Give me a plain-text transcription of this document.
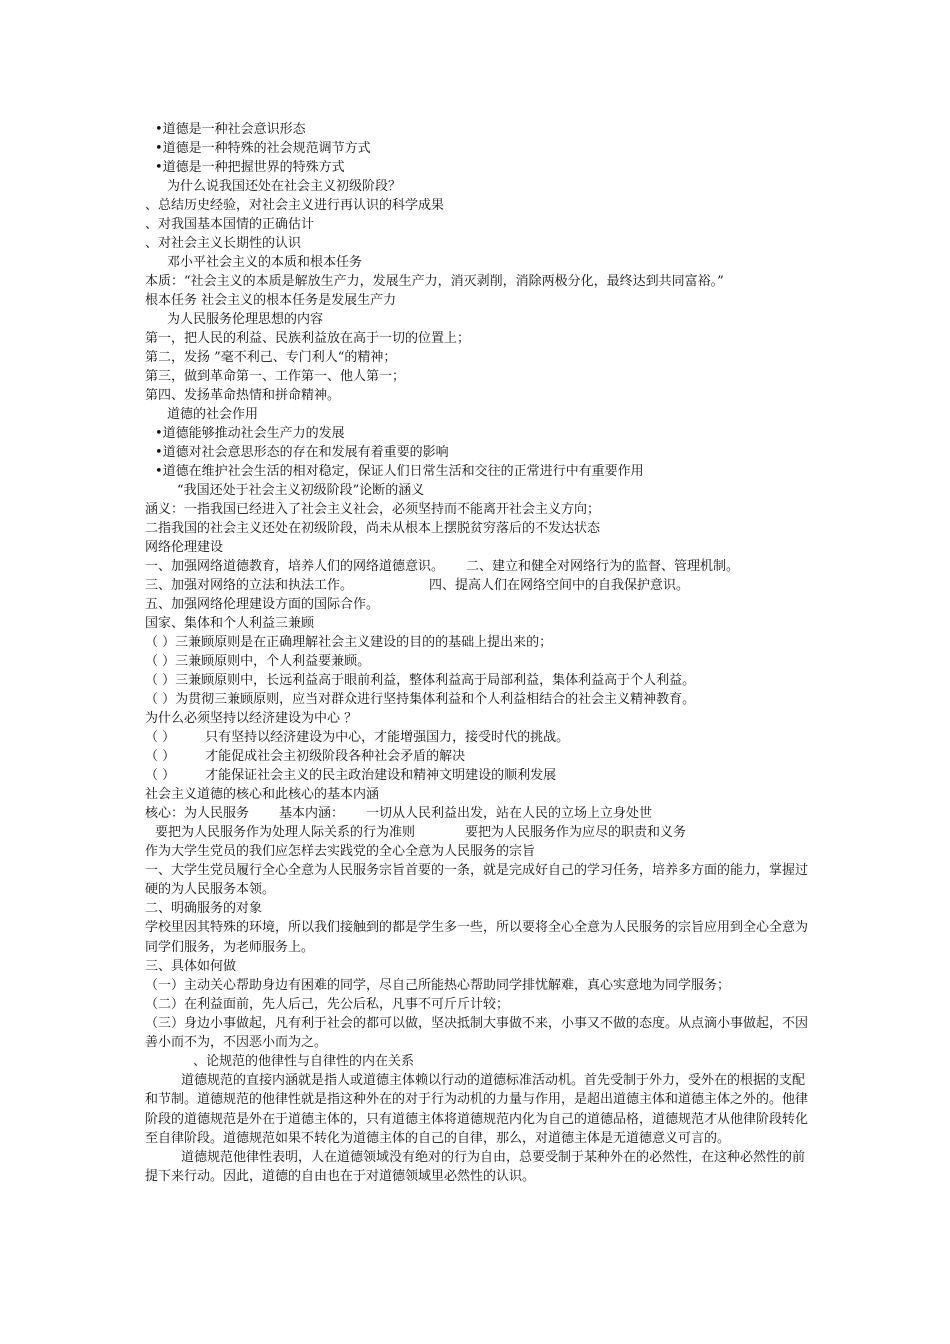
•道德是一种社会意识形态
•道德是一种特殊的社会规范调节方式
•道德是一种把握世界的特殊方式
为什么说我国还处在社会主义初级阶段？
、总结历史经验，对社会主义进行再认识的科学成果
、对我国基本国情的正确估计
、对社会主义长期性的认识
邓小平社会主义的本质和根本任务
本质：“社会主义的本质是解放生产力，发展生产力，消灭剥削，消除两极分化，最终达到共同富裕。”
根本任务 社会主义的根本任务是发展生产力
为人民服务伦理思想的内容
第一，把人民的利益、民族利益放在高于一切的位置上；
第二，发扬 ”毫不利己、专门利人“的精神；
第三，做到革命第一、工作第一、他人第一；
第四、发扬革命热情和拼命精神。
道德的社会作用
•道德能够推动社会生产力的发展
•道德对社会意思形态的存在和发展有着重要的影响
•道德在维护社会生活的相对稳定，保证人们日常生活和交往的正常进行中有重要作用
“我国还处于社会主义初级阶段”论断的涵义
涵义：一指我国已经进入了社会主义社会，必须坚持而不能离开社会主义方向；
二指我国的社会主义还处在初级阶段，尚未从根本上摆脱贫穷落后的不发达状态
网络伦理建设
一、加强网络道德教育，培养人们的网络道德意识。 二、建立和健全对网络行为的监督、管理机制。
三、加强对网络的立法和执法工作。	四、提高人们在网络空间中的自我保护意识。
五、加强网络伦理建设方面的国际合作。
国家、集体和个人利益三兼顾
（ ）三兼顾原则是在正确理解社会主义建设的目的的基础上提出来的；
（ ）三兼顾原则中，个人利益要兼顾。
（ ）三兼顾原则中，长远利益高于眼前利益，整体利益高于局部利益，集体利益高于个人利益。
（ ）为贯彻三兼顾原则，应当对群众进行坚持集体利益和个人利益相结合的社会主义精神教育。
为什么必须坚持以经济建设为中心 ？
（ ） 只有坚持以经济建设为中心，才能增强国力，接受时代的挑战。
（ ） 才能促成社会主初级阶段各种社会矛盾的解决
（ ） 才能保证社会主义的民主政治建设和精神文明建设的顺利发展
社会主义道德的核心和此核心的基本内涵
核心：为人民服务 基本内涵： 一切从人民利益出发，站在人民的立场上立身处世
要把为人民服务作为处理人际关系的行为准则	要把为人民服务作为应尽的职责和义务
作为大学生党员的我们应怎样去实践党的全心全意为人民服务的宗旨
一、大学生党员履行全心全意为人民服务宗旨首要的一条，就是完成好自己的学习任务，培养多方面的能力，掌握过硬的为人民服务本领。
二、明确服务的对象
学校里因其特殊的环境，所以我们接触到的都是学生多一些，所以要将全心全意为人民服务的宗旨应用到全心全意为同学们服务，为老师服务上。
三、具体如何做
（一）主动关心帮助身边有困难的同学，尽自己所能热心帮助同学排忧解难，真心实意地为同学服务；
（二）在利益面前，先人后己，先公后私，凡事不可斤斤计较；
（三）身边小事做起，凡有利于社会的都可以做，坚决抵制大事做不来，小事又不做的态度。从点滴小事做起，不因善小而不为，不因恶小而为之。
、论规范的他律性与自律性的内在关系
道德规范的直接内涵就是指人或道德主体赖以行动的道德标准活动机。首先受制于外力，受外在的根据的支配和节制。道德规范的他律性就是指这种外在的对于行为动机的力量与作用，是超出道德主体和道德主体之外的。他律阶段的道德规范是外在于道德主体的，只有道德主体将道德规范内化为自己的道德品格，道德规范才从他律阶段转化至自律阶段。道德规范如果不转化为道德主体的自己的自律，那么，对道德主体是无道德意义可言的。
道德规范他律性表明，人在道德领域没有绝对的行为自由，总要受制于某种外在的必然性，在这种必然性的前提下来行动。因此，道德的自由也在于对道德领域里必然性的认识。
